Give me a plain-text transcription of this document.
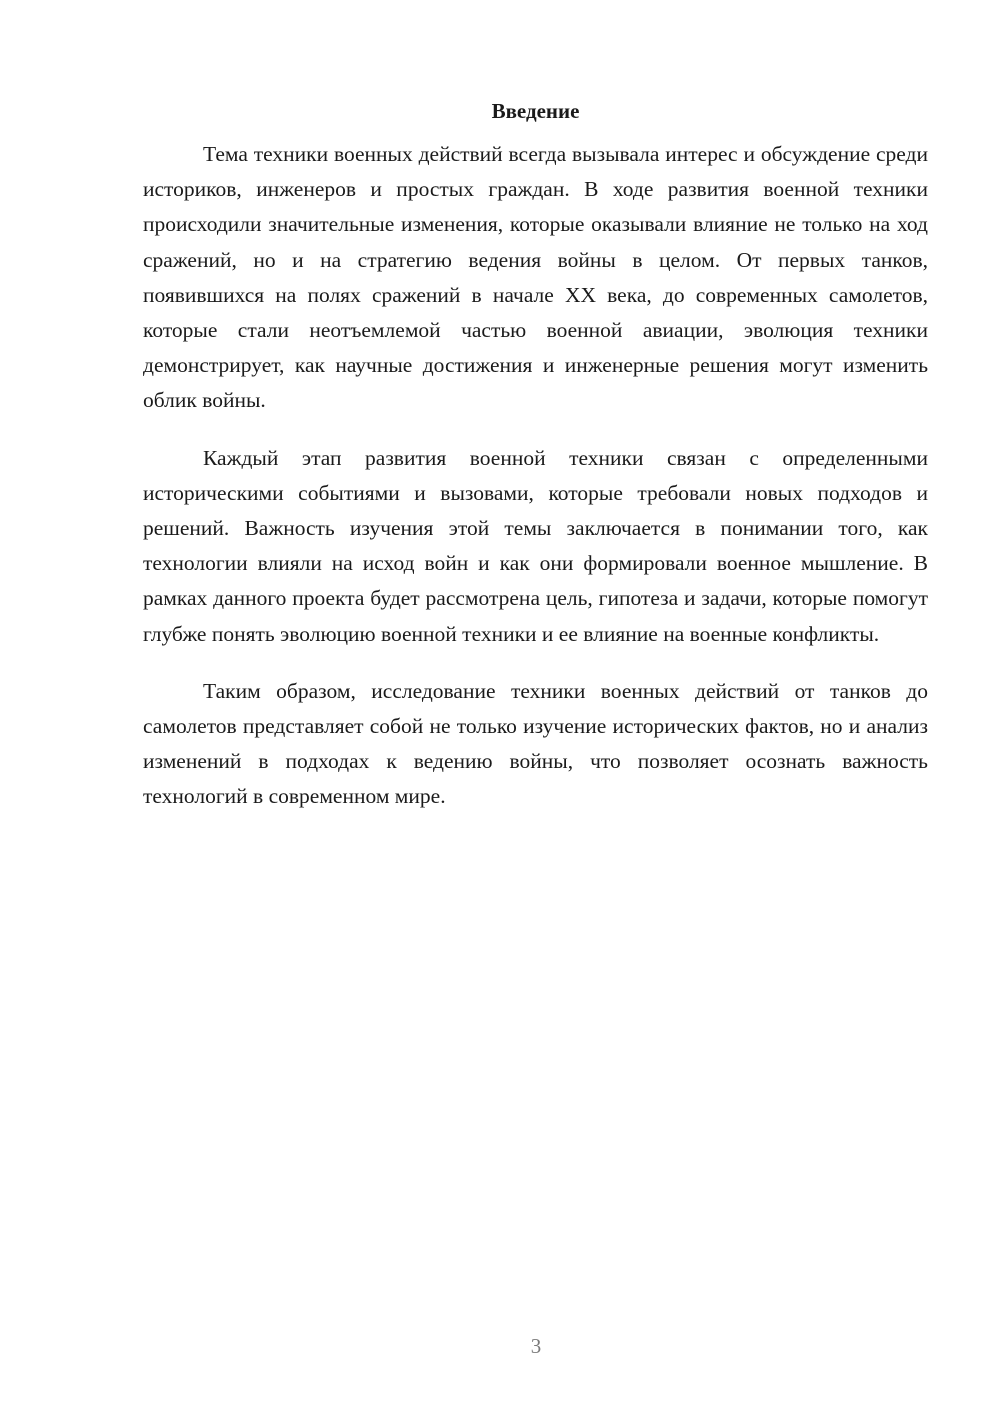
Введение

Тема техники военных действий всегда вызывала интерес и обсуждение среди историков, инженеров и простых граждан. В ходе развития военной техники происходили значительные изменения, которые оказывали влияние не только на ход сражений, но и на стратегию ведения войны в целом. От первых танков, появившихся на полях сражений в начале XX века, до современных самолетов, которые стали неотъемлемой частью военной авиации, эволюция техники демонстрирует, как научные достижения и инженерные решения могут изменить облик войны.

Каждый этап развития военной техники связан с определенными историческими событиями и вызовами, которые требовали новых подходов и решений. Важность изучения этой темы заключается в понимании того, как технологии влияли на исход войн и как они формировали военное мышление. В рамках данного проекта будет рассмотрена цель, гипотеза и задачи, которые помогут глубже понять эволюцию военной техники и ее влияние на военные конфликты.

Таким образом, исследование техники военных действий от танков до самолетов представляет собой не только изучение исторических фактов, но и анализ изменений в подходах к ведению войны, что позволяет осознать важность технологий в современном мире.

3
